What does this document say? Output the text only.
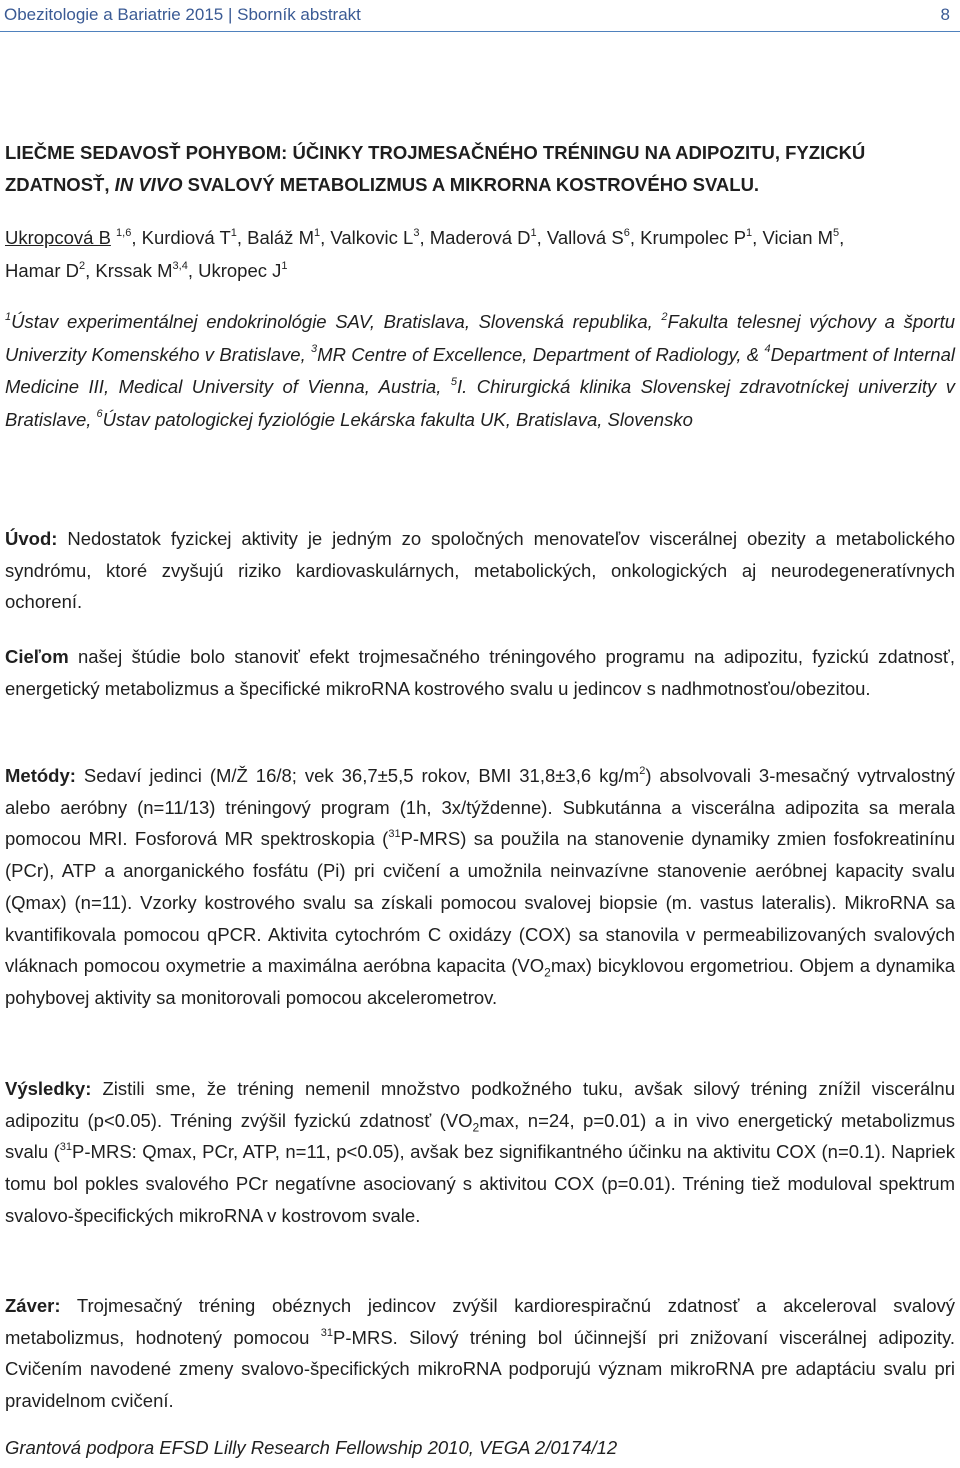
Obezitologie a Bariatrie 2015 | Sborník abstrakt	8
LIEČME SEDAVOSŤ POHYBOM: ÚČINKY TROJMESAČNÉHO TRÉNINGU NA ADIPOZITU, FYZICKÚ
ZDATNOSŤ, IN VIVO SVALOVÝ METABOLIZMUS A MIKRORNA KOSTROVÉHO SVALU.
Ukropcová B $^{1,6}$, Kurdiová $T^1$, Baláž $M^1$, Valkovic $L^3$, Maderová $D^1$, Vallová $S^6$, Krumpolec $P^1$, Vician $M^5$,
Hamar $D^2$, Krssak M$^{3,4}$, Ukropec $J^1$
$^1$Ústav experimentálnej endokrinológie SAV, Bratislava, Slovenská republika, $^2$Fakulta telesnej výchovy a športu Univerzity Komenského v Bratislave, $^3$MR Centre of Excellence, Department of Radiology, & $^4$Department of Internal Medicine III, Medical University of Vienna, Austria, $^5$I. Chirurgická klinika Slovenskej zdravotníckej univerzity v Bratislave, $^6$Ústav patologickej fyziológie Lekárska fakulta UK, Bratislava, Slovensko
Úvod: Nedostatok fyzickej aktivity je jedným zo spoločných menovateľov viscerálnej obezity a metabolického syndrómu, ktoré zvyšujú riziko kardiovaskulárnych, metabolických, onkologických aj neurodegeneratívnych ochorení.
Cieľom našej štúdie bolo stanoviť efekt trojmesačného tréningového programu na adipozitu, fyzickú zdatnosť, energetický metabolizmus a špecifické mikroRNA kostrového svalu u jedincov s nadhmotnosťou/obezitou.
Metódy: Sedaví jedinci (M/Ž 16/8; vek 36,7±5,5 rokov, BMI 31,8±3,6 $kg/m^2$) absolvovali 3-mesačný vytrvalostný alebo aeróbny (n=11/13) tréningový program (1h, 3x/týždenne). Subkutánna a viscerálna adipozita sa merala pomocou MRI. Fosforová MR spektroskopia ($^{31}$P-MRS) sa použila na stanovenie dynamiky zmien fosfokreatinínu (PCr), ATP a anorganického fosfátu (Pi) pri cvičení a umožnila neinvazívne stanovenie aeróbnej kapacity svalu (Qmax) (n=11). Vzorky kostrového svalu sa získali pomocou svalovej biopsie (m. vastus lateralis). MikroRNA sa kvantifikovala pomocou qPCR. Aktivita cytochróm C oxidázy (COX) sa stanovila v permeabilizovaných svalových vláknach pomocou oxymetrie a maximálna aeróbna kapacita $(VO_2\max)$ bicyklovou ergometriou. Objem a dynamika pohybovej aktivity sa monitorovali pomocou akcelerometrov.
Výsledky: Zistili sme, že tréning nemenil množstvo podkožného tuku, avšak silový tréning znížil viscerálnu adipozitu (p<0.05). Tréning zvýšil fyzickú zdatnosť ($VO_2\max$, n=24, p=0.01) a in vivo energetický metabolizmus svalu ($^{31}$P-MRS: Qmax, PCr, ATP, n=11, p<0.05), avšak bez signifikantného účinku na aktivitu COX (n=0.1). Napriek tomu bol pokles svalového PCr negatívne asociovaný s aktivitou COX (p=0.01). Tréning tiež moduloval spektrum svalovo-špecifických mikroRNA v kostrovom svale.
Záver: Trojmesačný tréning obéznych jedincov zvýšil kardiorespiračnú zdatnosť a akceleroval svalový metabolizmus, hodnotený pomocou $^{31}$P-MRS. Silový tréning bol účinnejší pri znižovaní viscerálnej adipozity. Cvičením navodené zmeny svalovo-špecifických mikroRNA podporujú význam mikroRNA pre adaptáciu svalu pri pravidelnom cvičení.
Grantová podpora EFSD Lilly Research Fellowship 2010, VEGA 2/0174/12
